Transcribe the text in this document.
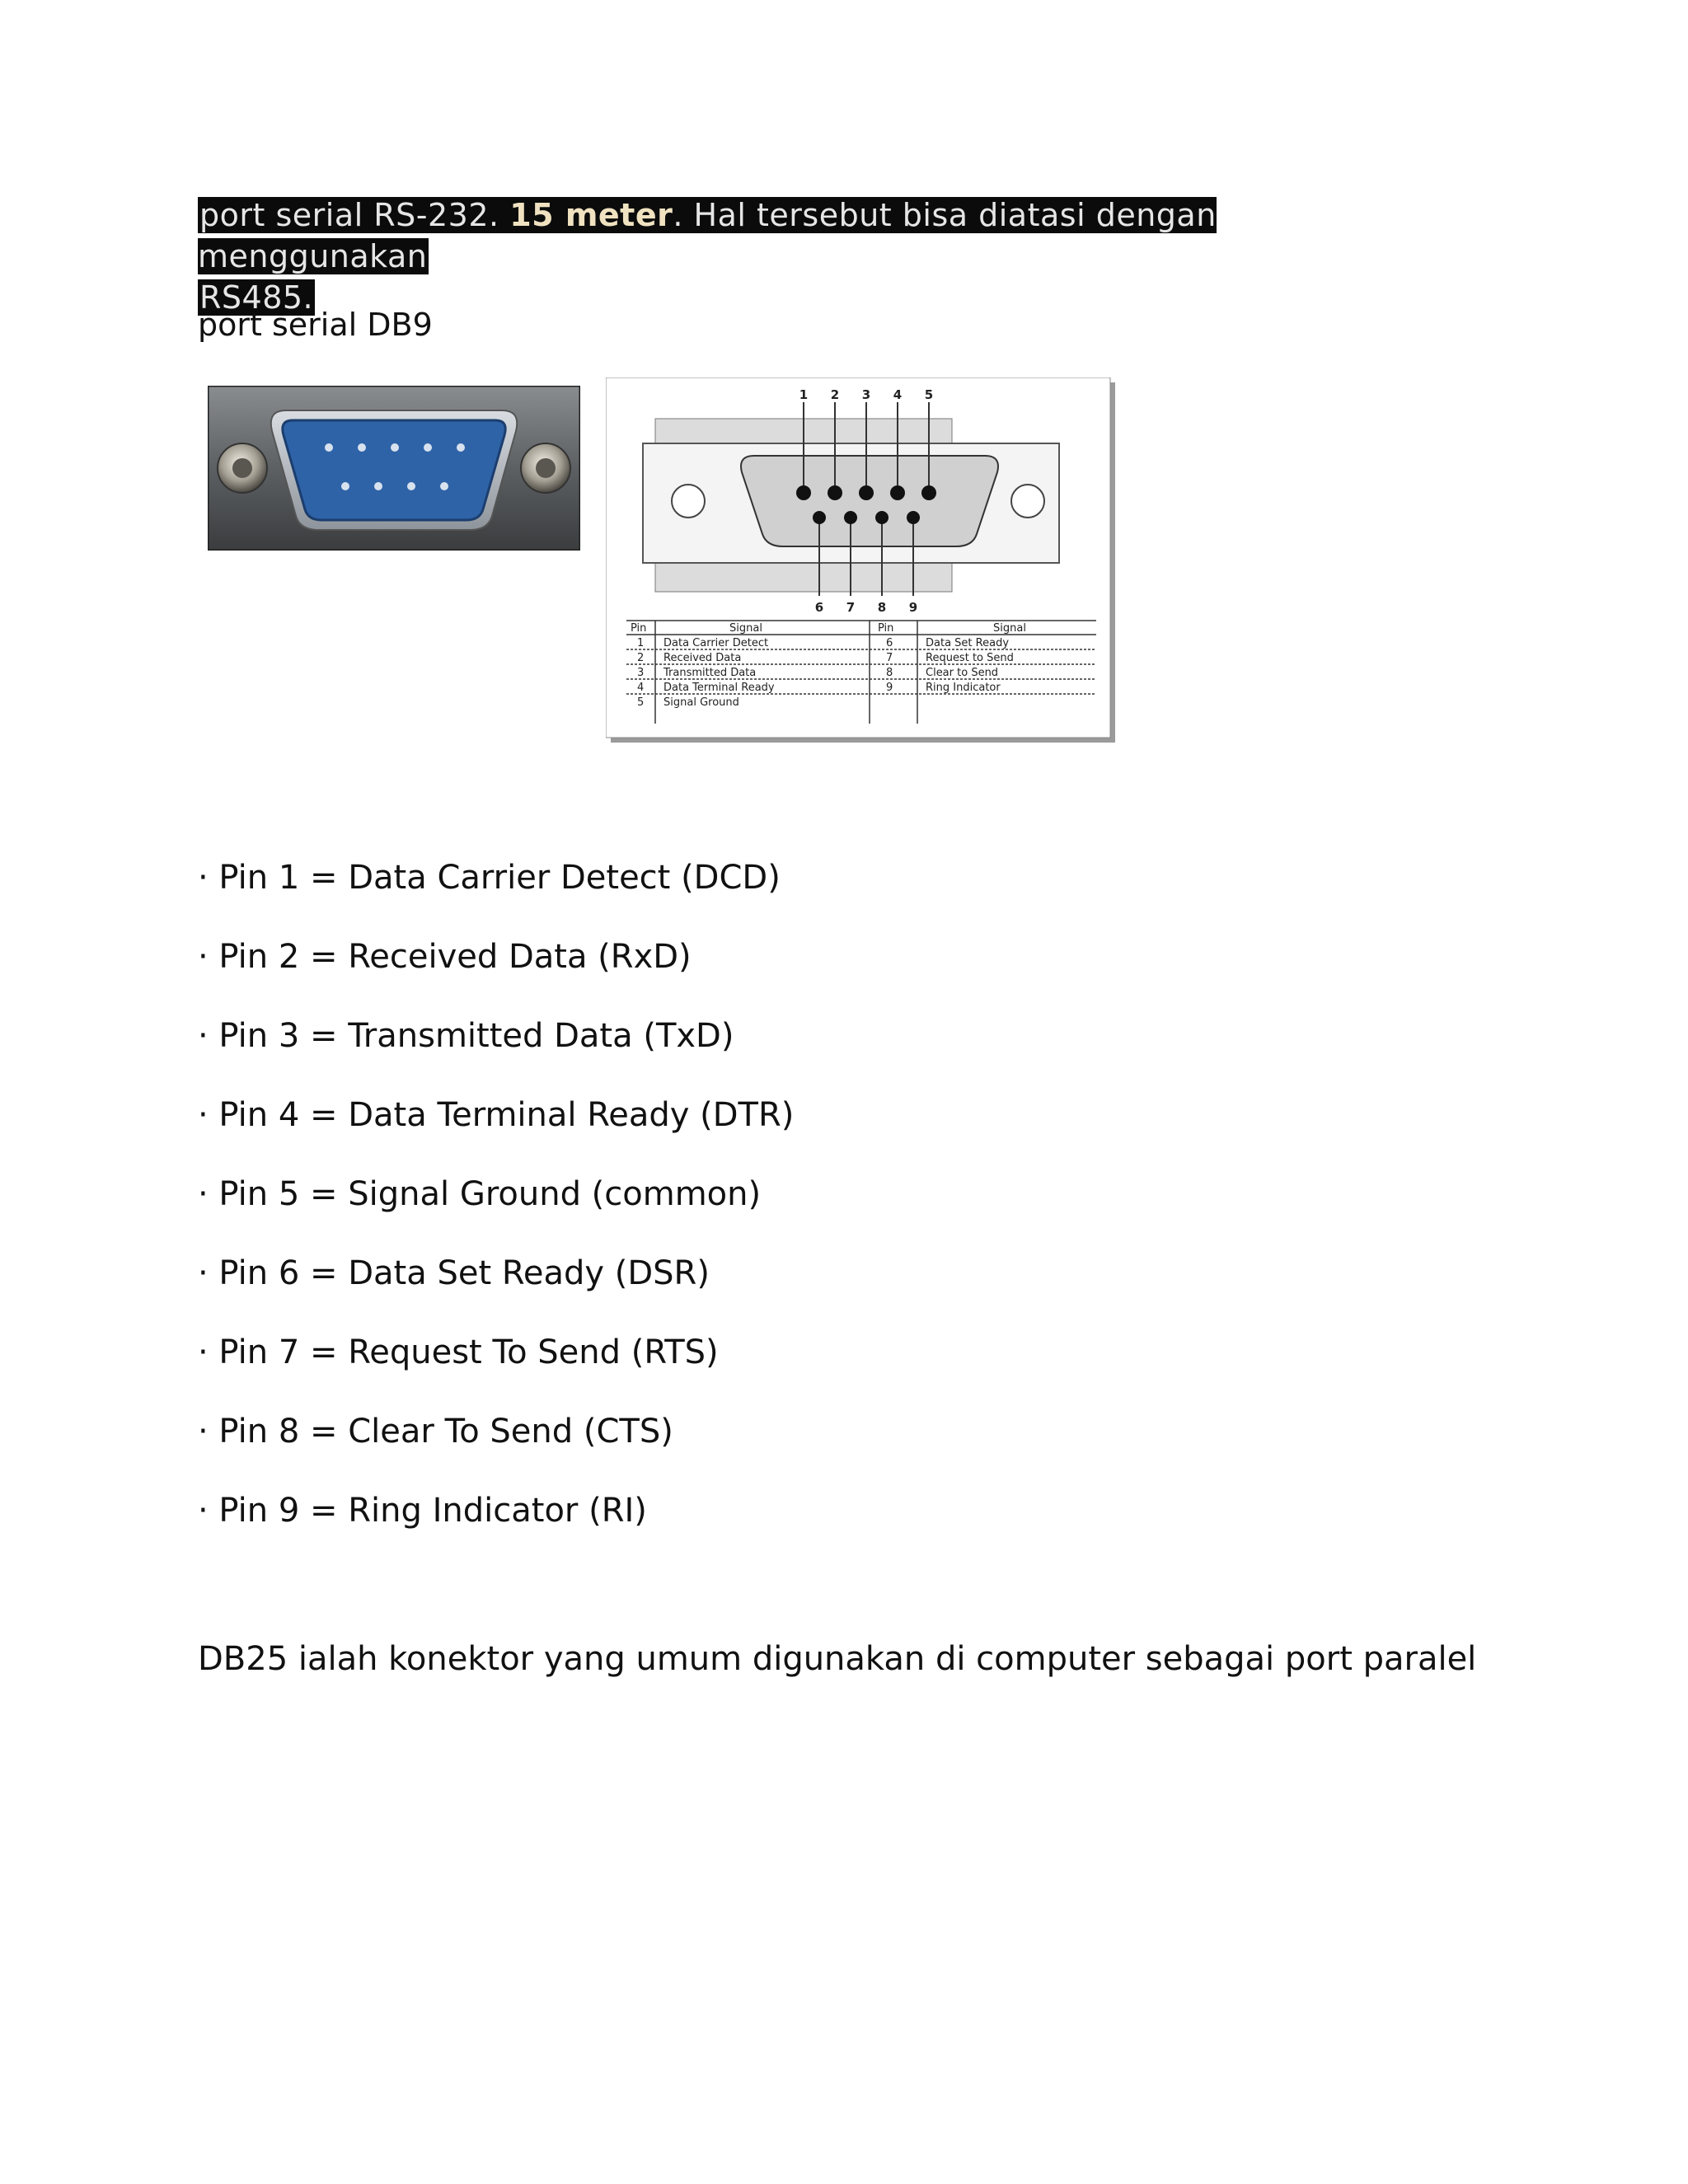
port serial RS-232. 15 meter. Hal tersebut bisa diatasi dengan menggunakan
RS485.
port serial DB9
1 2 3 4 5
6 7 8 9
Pin	Signal	Pin	Signal
1 Data Carrier Detect	6	Data Set Ready
2 Received Data	7	Request to Send
3 Transmitted Data	8	Clear to Send
4 Data Terminal Ready	9	Ring Indicator
5 Signal Ground
· Pin 1 = Data Carrier Detect (DCD)
· Pin 2 = Received Data (RxD)
· Pin 3 = Transmitted Data (TxD)
· Pin 4 = Data Terminal Ready (DTR)
· Pin 5 = Signal Ground (common)
· Pin 6 = Data Set Ready (DSR)
· Pin 7 = Request To Send (RTS)
· Pin 8 = Clear To Send (CTS)
· Pin 9 = Ring Indicator (RI)
DB25 ialah konektor yang umum digunakan di computer sebagai port paralel
